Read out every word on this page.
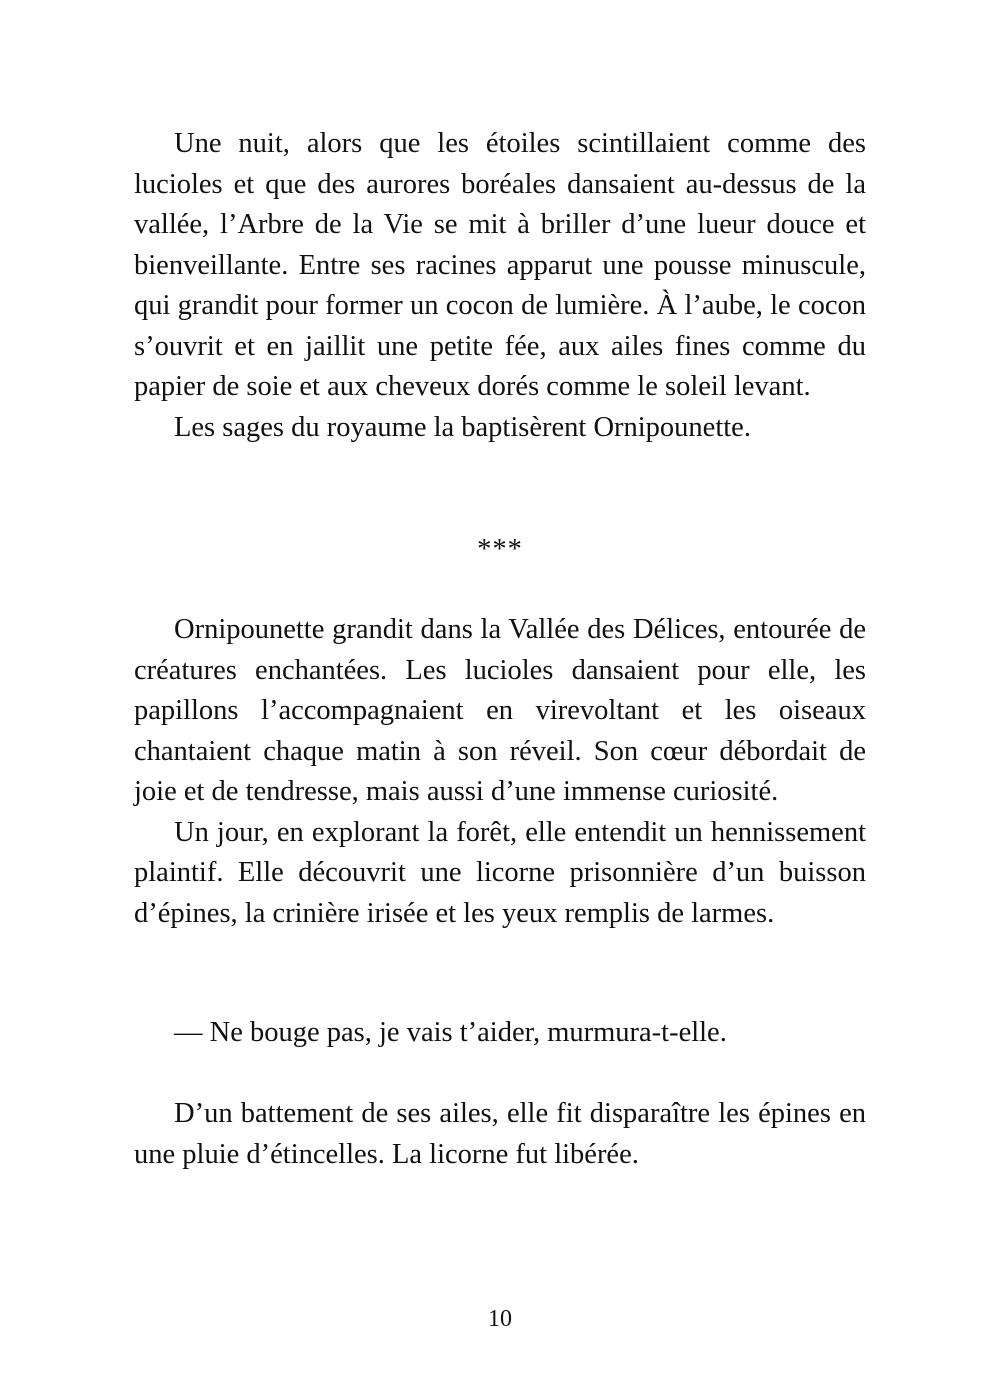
Une nuit, alors que les étoiles scintillaient comme des lucioles et que des aurores boréales dansaient au-dessus de la vallée, l’Arbre de la Vie se mit à briller d’une lueur douce et bienveillante. Entre ses racines apparut une pousse minuscule, qui grandit pour former un cocon de lumière. À l’aube, le cocon s’ouvrit et en jaillit une petite fée, aux ailes fines comme du papier de soie et aux cheveux dorés comme le soleil levant.

Les sages du royaume la baptisèrent Ornipounette.

***

Ornipounette grandit dans la Vallée des Délices, entourée de créatures enchantées. Les lucioles dansaient pour elle, les papillons l’accompagnaient en virevoltant et les oiseaux chantaient chaque matin à son réveil. Son cœur débordait de joie et de tendresse, mais aussi d’une immense curiosité.

Un jour, en explorant la forêt, elle entendit un hennissement plaintif. Elle découvrit une licorne prisonnière d’un buisson d’épines, la crinière irisée et les yeux remplis de larmes.

— Ne bouge pas, je vais t’aider, murmura-t-elle.

D’un battement de ses ailes, elle fit disparaître les épines en une pluie d’étincelles. La licorne fut libérée.

10
